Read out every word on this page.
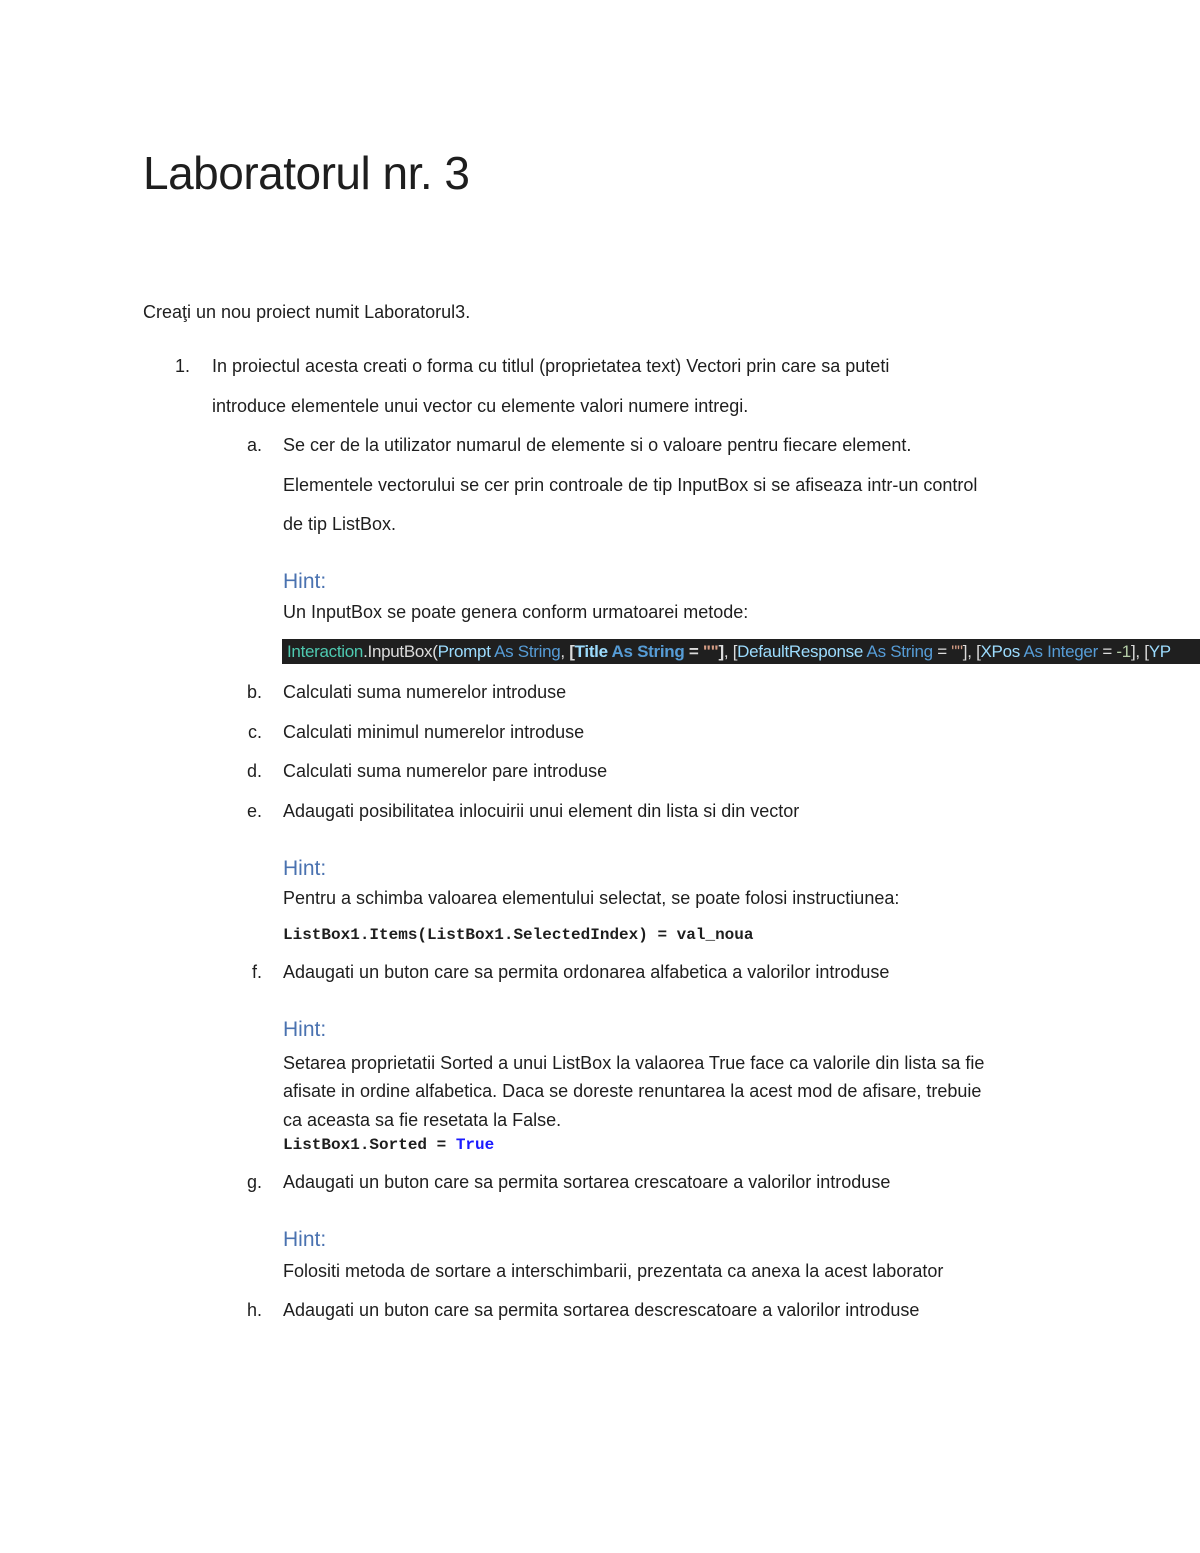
Laboratorul nr. 3
Creaţi un nou proiect numit Laboratorul3.
1. In proiectul acesta creati o forma cu titlul (proprietatea text) Vectori prin care sa puteti
introduce elementele unui vector cu elemente valori numere intregi.
a. Se cer de la utilizator numarul de elemente si o valoare pentru fiecare element.
Elementele vectorului se cer prin controale de tip InputBox si se afiseaza intr-un control
de tip ListBox.
Hint:
Un InputBox se poate genera conform urmatoarei metode:
Interaction.InputBox(Prompt As String, [Title As String = ""], [DefaultResponse As String = ""], [XPos As Integer = -1], [YP
b. Calculati suma numerelor introduse
c. Calculati minimul numerelor introduse
d. Calculati suma numerelor pare introduse
e. Adaugati posibilitatea inlocuirii unui element din lista si din vector
Hint:
Pentru a schimba valoarea elementului selectat, se poate folosi instructiunea:
ListBox1.Items(ListBox1.SelectedIndex) = val_noua
f. Adaugati un buton care sa permita ordonarea alfabetica a valorilor introduse
Hint:
Setarea proprietatii Sorted a unui ListBox la valaorea True face ca valorile din lista sa fie
afisate in ordine alfabetica. Daca se doreste renuntarea la acest mod de afisare, trebuie
ca aceasta sa fie resetata la False.
ListBox1.Sorted = True
g. Adaugati un buton care sa permita sortarea crescatoare a valorilor introduse
Hint:
Folositi metoda de sortare a interschimbarii, prezentata ca anexa la acest laborator
h. Adaugati un buton care sa permita sortarea descrescatoare a valorilor introduse
